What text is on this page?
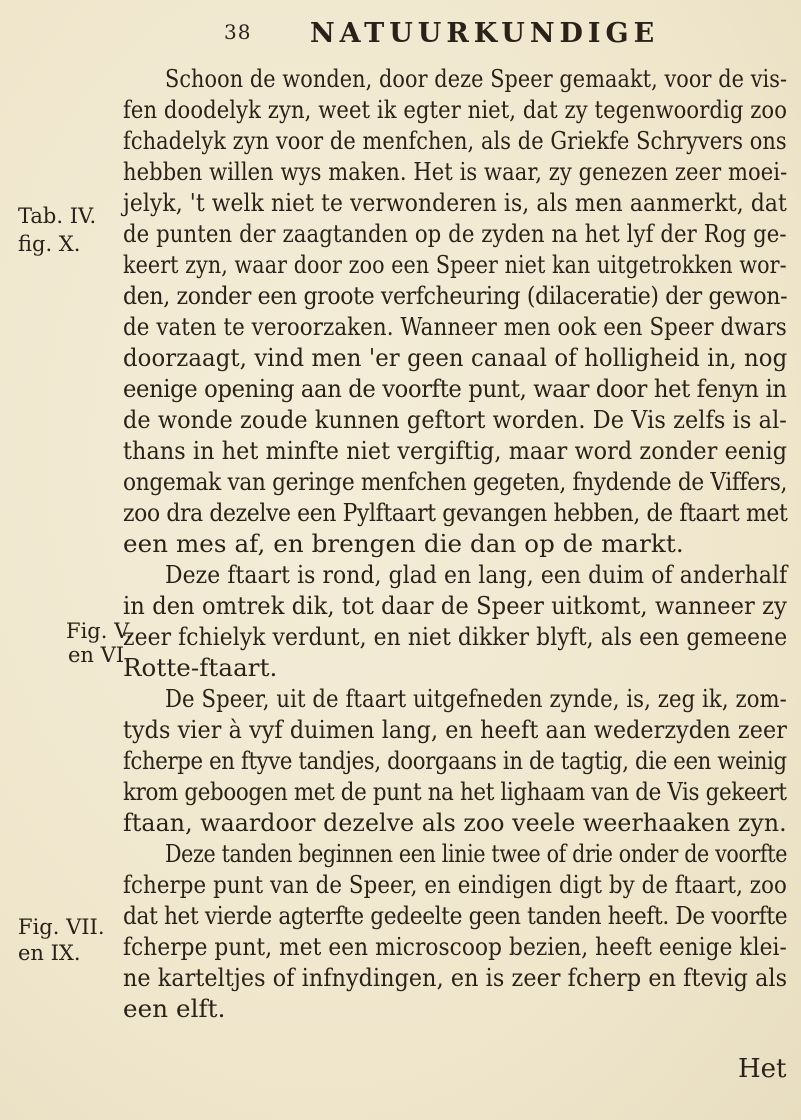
38 NATUURKUNDIGE
Tab. IV.
fig. X.
Fig. V.
en VI.
Fig. VII.
en IX.
Schoon de wonden, door deze Speer gemaakt, voor de vis-
fen doodelyk zyn, weet ik egter niet, dat zy tegenwoordig zoo
fchadelyk zyn voor de menfchen, als de Griekfe Schryvers ons
hebben willen wys maken. Het is waar, zy genezen zeer moei-
jelyk, 't welk niet te verwonderen is, als men aanmerkt, dat
de punten der zaagtanden op de zyden na het lyf der Rog ge-
keert zyn, waar door zoo een Speer niet kan uitgetrokken wor-
den, zonder een groote verfcheuring (dilaceratie) der gewon-
de vaten te veroorzaken. Wanneer men ook een Speer dwars
doorzaagt, vind men 'er geen canaal of holligheid in, nog
eenige opening aan de voorfte punt, waar door het fenyn in
de wonde zoude kunnen geftort worden. De Vis zelfs is al-
thans in het minfte niet vergiftig, maar word zonder eenig
ongemak van geringe menfchen gegeten, fnydende de Viffers,
zoo dra dezelve een Pylftaart gevangen hebben, de ftaart met
een mes af, en brengen die dan op de markt.
Deze ftaart is rond, glad en lang, een duim of anderhalf
in den omtrek dik, tot daar de Speer uitkomt, wanneer zy
zeer fchielyk verdunt, en niet dikker blyft, als een gemeene
Rotte-ftaart.
De Speer, uit de ftaart uitgefneden zynde, is, zeg ik, zom-
tyds vier à vyf duimen lang, en heeft aan wederzyden zeer
fcherpe en ftyve tandjes, doorgaans in de tagtig, die een weinig
krom geboogen met de punt na het lighaam van de Vis gekeert
ftaan, waardoor dezelve als zoo veele weerhaaken zyn.
Deze tanden beginnen een linie twee of drie onder de voorfte
fcherpe punt van de Speer, en eindigen digt by de ftaart, zoo
dat het vierde agterfte gedeelte geen tanden heeft. De voorfte
fcherpe punt, met een microscoop bezien, heeft eenige klei-
ne karteltjes of infnydingen, en is zeer fcherp en ftevig als
een elft.
Het
